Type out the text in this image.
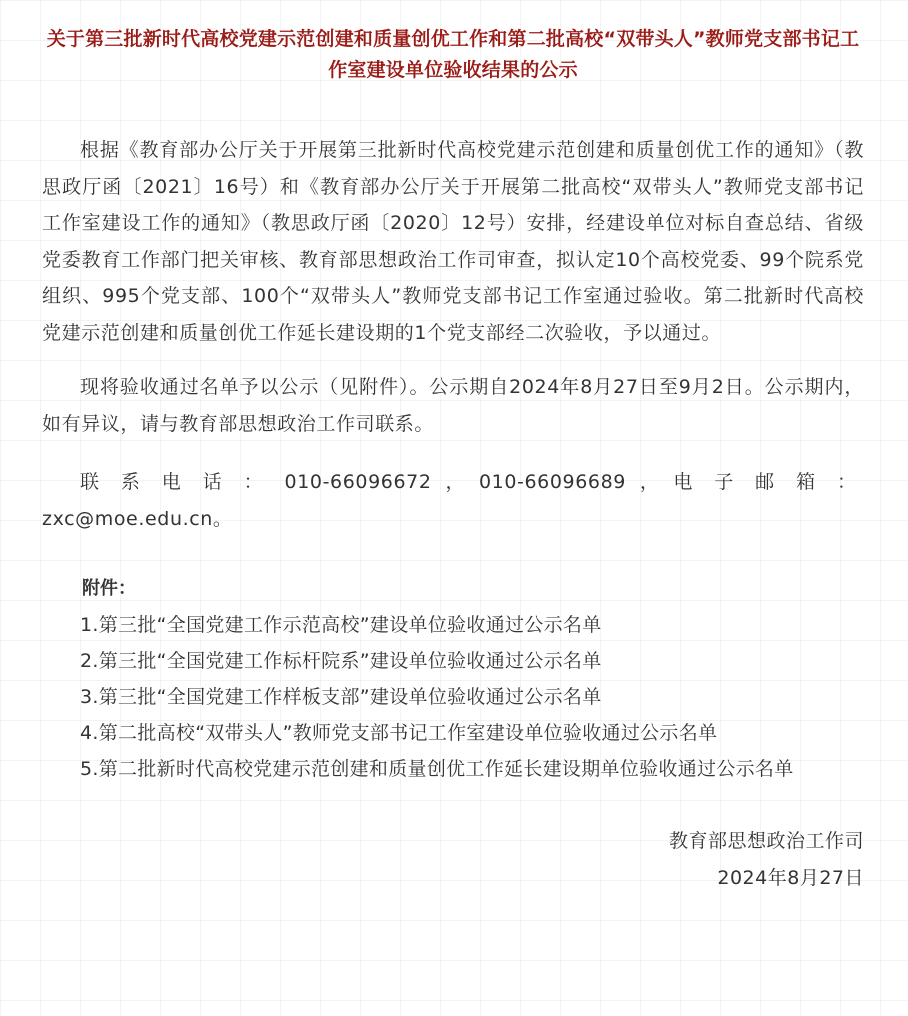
关于第三批新时代高校党建示范创建和质量创优工作和第二批高校“双带头人”教师党支部书记工作室建设单位验收结果的公示

根据《教育部办公厅关于开展第三批新时代高校党建示范创建和质量创优工作的通知》（教思政厅函〔2021〕16号）和《教育部办公厅关于开展第二批高校“双带头人”教师党支部书记工作室建设工作的通知》（教思政厅函〔2020〕12号）安排，经建设单位对标自查总结、省级党委教育工作部门把关审核、教育部思想政治工作司审查，拟认定10个高校党委、99个院系党组织、995个党支部、100个“双带头人”教师党支部书记工作室通过验收。第二批新时代高校党建示范创建和质量创优工作延长建设期的1个党支部经二次验收，予以通过。

现将验收通过名单予以公示（见附件）。公示期自2024年8月27日至9月2日。公示期内，如有异议，请与教育部思想政治工作司联系。

联系电话：010-66096672，010-66096689，电子邮箱：zxc@moe.edu.cn。

附件：
1.第三批“全国党建工作示范高校”建设单位验收通过公示名单
2.第三批“全国党建工作标杆院系”建设单位验收通过公示名单
3.第三批“全国党建工作样板支部”建设单位验收通过公示名单
4.第二批高校“双带头人”教师党支部书记工作室建设单位验收通过公示名单
5.第二批新时代高校党建示范创建和质量创优工作延长建设期单位验收通过公示名单
教育部思想政治工作司
2024年8月27日
